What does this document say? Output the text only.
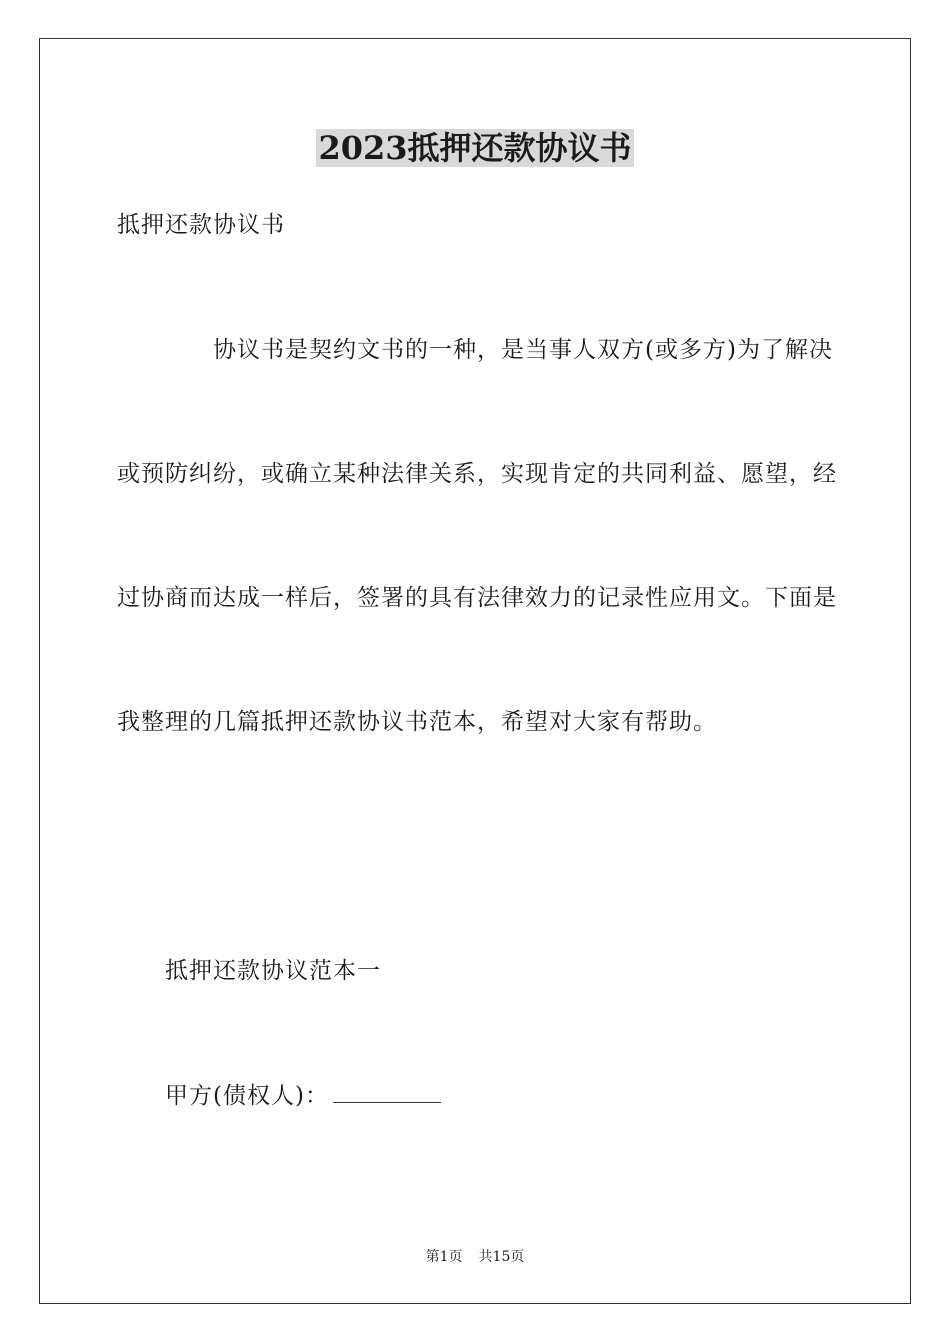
2023抵押还款协议书
抵押还款协议书
协议书是契约文书的一种，是当事人双方(或多方)为了解决
或预防纠纷，或确立某种法律关系，实现肯定的共同利益、愿望，经
过协商而达成一样后，签署的具有法律效力的记录性应用文。下面是
我整理的几篇抵押还款协议书范本，希望对大家有帮助。
抵押还款协议范本一
甲方(债权人)：
第1页 共15页
